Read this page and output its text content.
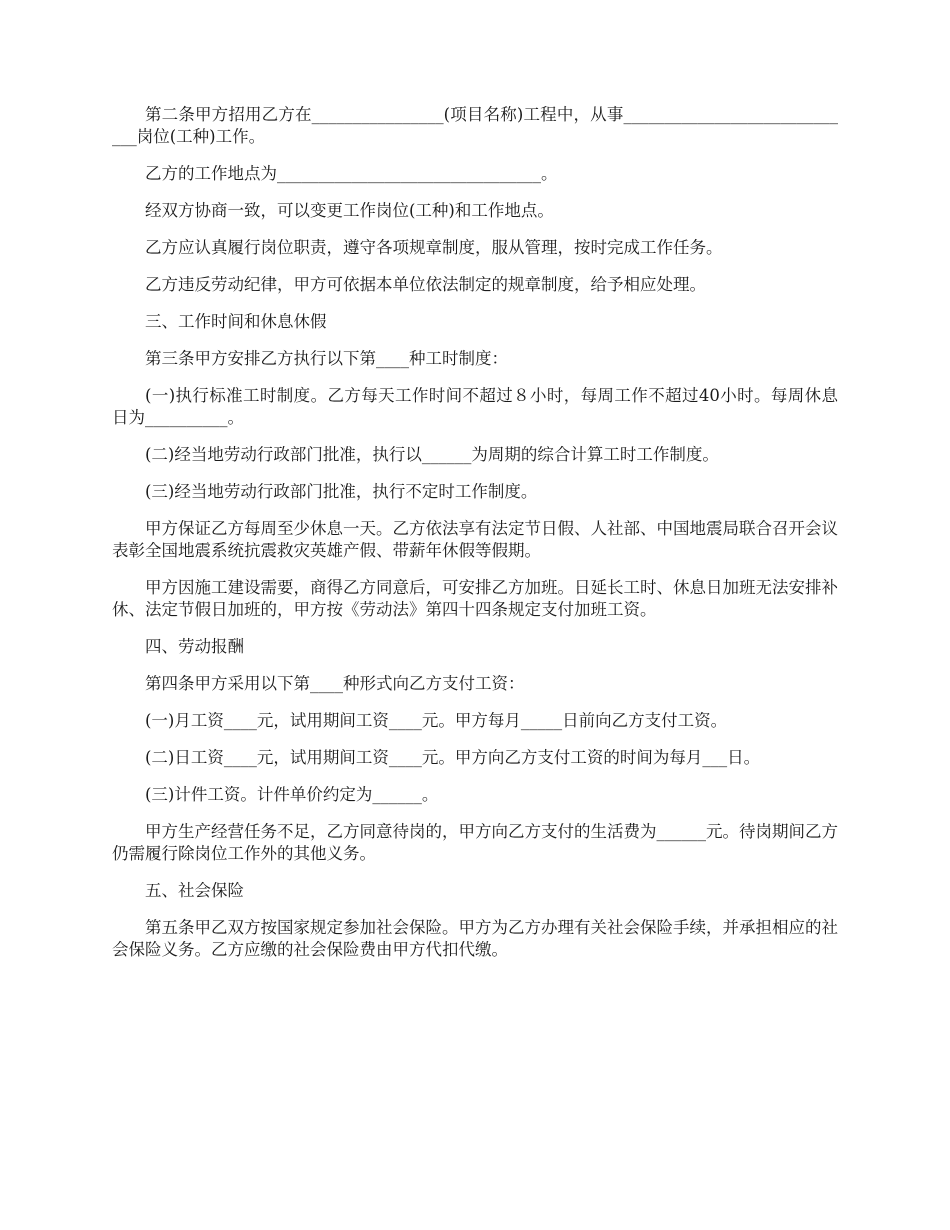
第二条甲方招用乙方在________________(项目名称)工程中，从事_____________________________岗位(工种)工作。

乙方的工作地点为________________________________。

经双方协商一致，可以变更工作岗位(工种)和工作地点。

乙方应认真履行岗位职责，遵守各项规章制度，服从管理，按时完成工作任务。

乙方违反劳动纪律，甲方可依据本单位依法制定的规章制度，给予相应处理。

三、工作时间和休息休假

第三条甲方安排乙方执行以下第____种工时制度：

(一)执行标准工时制度。乙方每天工作时间不超过８小时，每周工作不超过40小时。每周休息日为__________。

(二)经当地劳动行政部门批准，执行以______为周期的综合计算工时工作制度。

(三)经当地劳动行政部门批准，执行不定时工作制度。

甲方保证乙方每周至少休息一天。乙方依法享有法定节日假、人社部、中国地震局联合召开会议表彰全国地震系统抗震救灾英雄产假、带薪年休假等假期。

甲方因施工建设需要，商得乙方同意后，可安排乙方加班。日延长工时、休息日加班无法安排补休、法定节假日加班的，甲方按《劳动法》第四十四条规定支付加班工资。

四、劳动报酬

第四条甲方采用以下第____种形式向乙方支付工资：

(一)月工资____元，试用期间工资____元。甲方每月_____日前向乙方支付工资。

(二)日工资____元，试用期间工资____元。甲方向乙方支付工资的时间为每月___日。

(三)计件工资。计件单价约定为______。

甲方生产经营任务不足，乙方同意待岗的，甲方向乙方支付的生活费为______元。待岗期间乙方仍需履行除岗位工作外的其他义务。

五、社会保险

第五条甲乙双方按国家规定参加社会保险。甲方为乙方办理有关社会保险手续，并承担相应的社会保险义务。乙方应缴的社会保险费由甲方代扣代缴。
